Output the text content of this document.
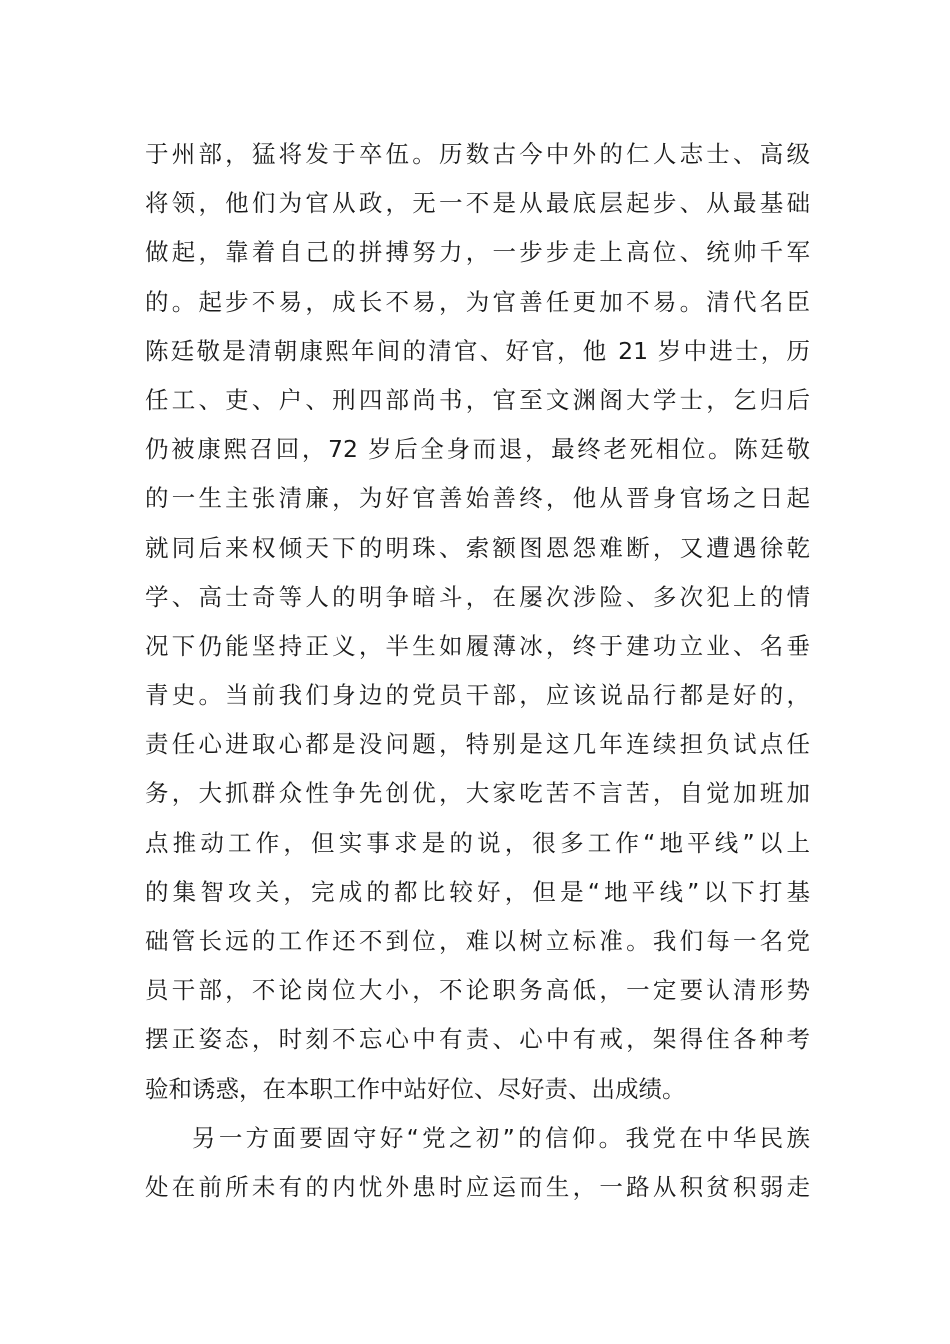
于州部，猛将发于卒伍。历数古今中外的仁人志士、高级
将领，他们为官从政，无一不是从最底层起步、从最基础
做起，靠着自己的拼搏努力，一步步走上高位、统帅千军
的。起步不易，成长不易，为官善任更加不易。清代名臣
陈廷敬是清朝康熙年间的清官、好官，他 21 岁中进士，历
任工、吏、户、刑四部尚书，官至文渊阁大学士，乞归后
仍被康熙召回，72 岁后全身而退，最终老死相位。陈廷敬
的一生主张清廉，为好官善始善终，他从晋身官场之日起
就同后来权倾天下的明珠、索额图恩怨难断，又遭遇徐乾
学、高士奇等人的明争暗斗，在屡次涉险、多次犯上的情
况下仍能坚持正义，半生如履薄冰，终于建功立业、名垂
青史。当前我们身边的党员干部，应该说品行都是好的，
责任心进取心都是没问题，特别是这几年连续担负试点任
务，大抓群众性争先创优，大家吃苦不言苦，自觉加班加
点推动工作，但实事求是的说，很多工作“地平线”以上
的集智攻关，完成的都比较好，但是“地平线”以下打基
础管长远的工作还不到位，难以树立标准。我们每一名党
员干部，不论岗位大小，不论职务高低，一定要认清形势
摆正姿态，时刻不忘心中有责、心中有戒，架得住各种考
验和诱惑，在本职工作中站好位、尽好责、出成绩。
另一方面要固守好“党之初”的信仰。我党在中华民族
处在前所未有的内忧外患时应运而生，一路从积贫积弱走
